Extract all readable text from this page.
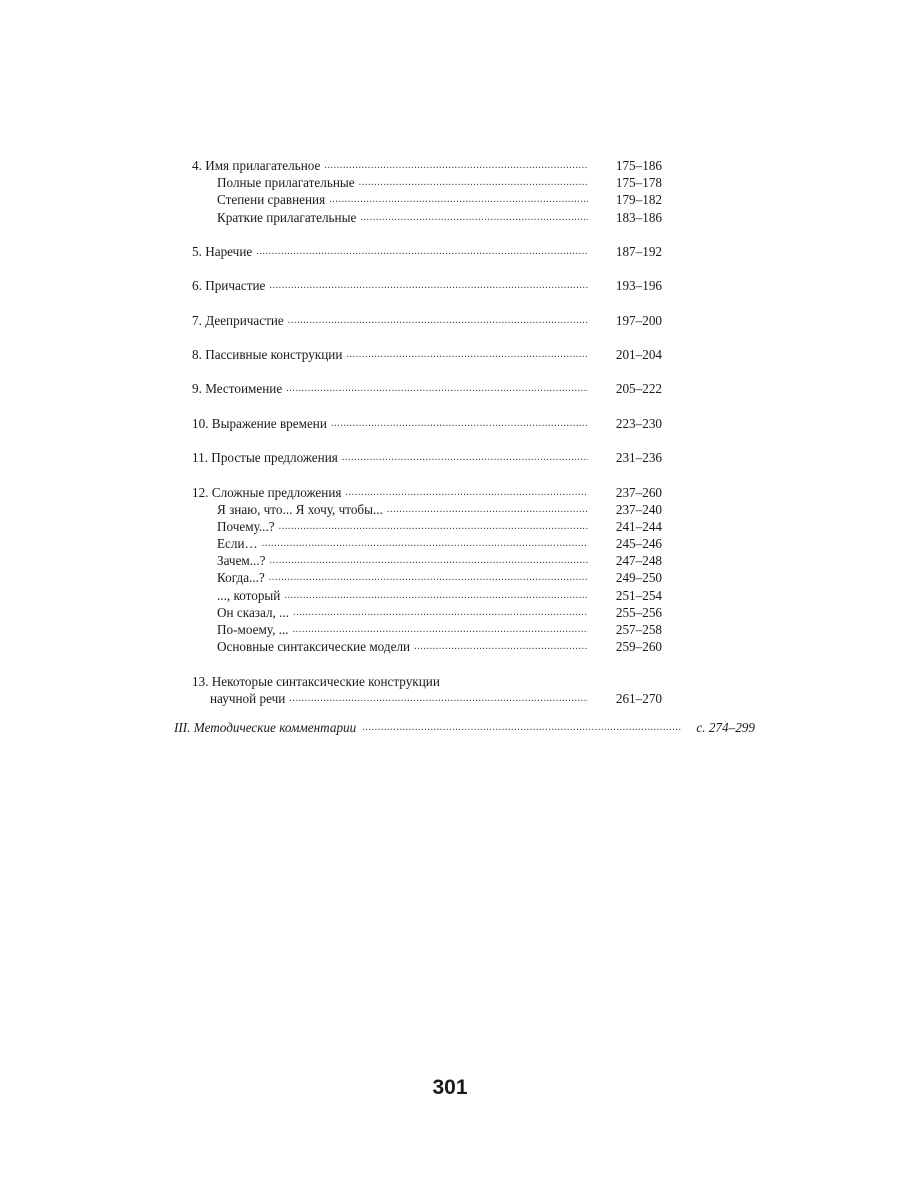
4. Имя прилагательное .....	175–186
Полные прилагательные .....	175–178
Степени сравнения .....	179–182
Краткие прилагательные .....	183–186
5. Наречие .....	187–192
6. Причастие .....	193–196
7. Деепричастие .....	197–200
8. Пассивные конструкции .....	201–204
9. Местоимение .....	205–222
10. Выражение времени .....	223–230
11. Простые предложения .....	231–236
12. Сложные предложения .....	237–260
Я знаю, что... Я хочу, чтобы... .....	237–240
Почему...? .....	241–244
Если… .....	245–246
Зачем...? .....	247–248
Когда...? .....	249–250
..., который .....	251–254
Он сказал, ... .....	255–256
По-моему, ... .....	257–258
Основные синтаксические модели .....	259–260
13. Некоторые синтаксические конструкции
научной речи .....	261–270
III. Методические комментарии .....	с. 274–299
301
